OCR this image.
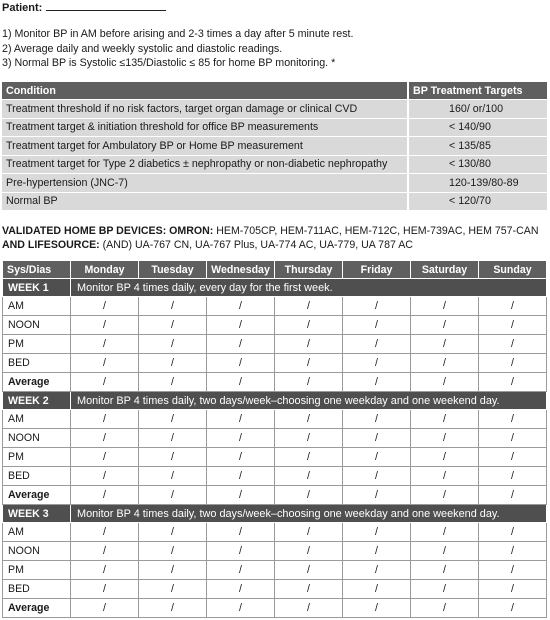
Patient:
1) Monitor BP in AM before arising and 2-3 times a day after 5 minute rest.
2) Average daily and weekly systolic and diastolic readings.
3) Normal BP is Systolic ≤135/Diastolic ≤ 85 for home BP monitoring. *
Condition	BP Treatment Targets
Treatment threshold if no risk factors, target organ damage or clinical CVD	160/ or/100
Treatment target & initiation threshold for office BP measurements	< 140/90
Treatment target for Ambulatory BP or Home BP measurement	< 135/85
Treatment target for Type 2 diabetics ± nephropathy or non-diabetic nephropathy	< 130/80
Pre-hypertension (JNC-7)	120-139/80-89
Normal BP	< 120/70
VALIDATED HOME BP DEVICES: OMRON: HEM-705CP, HEM-711AC, HEM-712C, HEM-739AC, HEM 757-CAN
AND LIFESOURCE: (AND) UA-767 CN, UA-767 Plus, UA-774 AC, UA-779, UA 787 AC
Sys/Dias	Monday	Tuesday	Wednesday	Thursday	Friday	Saturday	Sunday
WEEK 1	Monitor BP 4 times daily, every day for the first week.						
AM	/	/	/	/	/	/	/
NOON	/	/	/	/	/	/	/
PM	/	/	/	/	/	/	/
BED	/	/	/	/	/	/	/
Average	/	/	/	/	/	/	/
WEEK 2	Monitor BP 4 times daily, two days/week–choosing one weekday and one weekend day.						
AM	/	/	/	/	/	/	/
NOON	/	/	/	/	/	/	/
PM	/	/	/	/	/	/	/
BED	/	/	/	/	/	/	/
Average	/	/	/	/	/	/	/
WEEK 3	Monitor BP 4 times daily, two days/week–choosing one weekday and one weekend day.						
AM	/	/	/	/	/	/	/
NOON	/	/	/	/	/	/	/
PM	/	/	/	/	/	/	/
BED	/	/	/	/	/	/	/
Average	/	/	/	/	/	/	/
